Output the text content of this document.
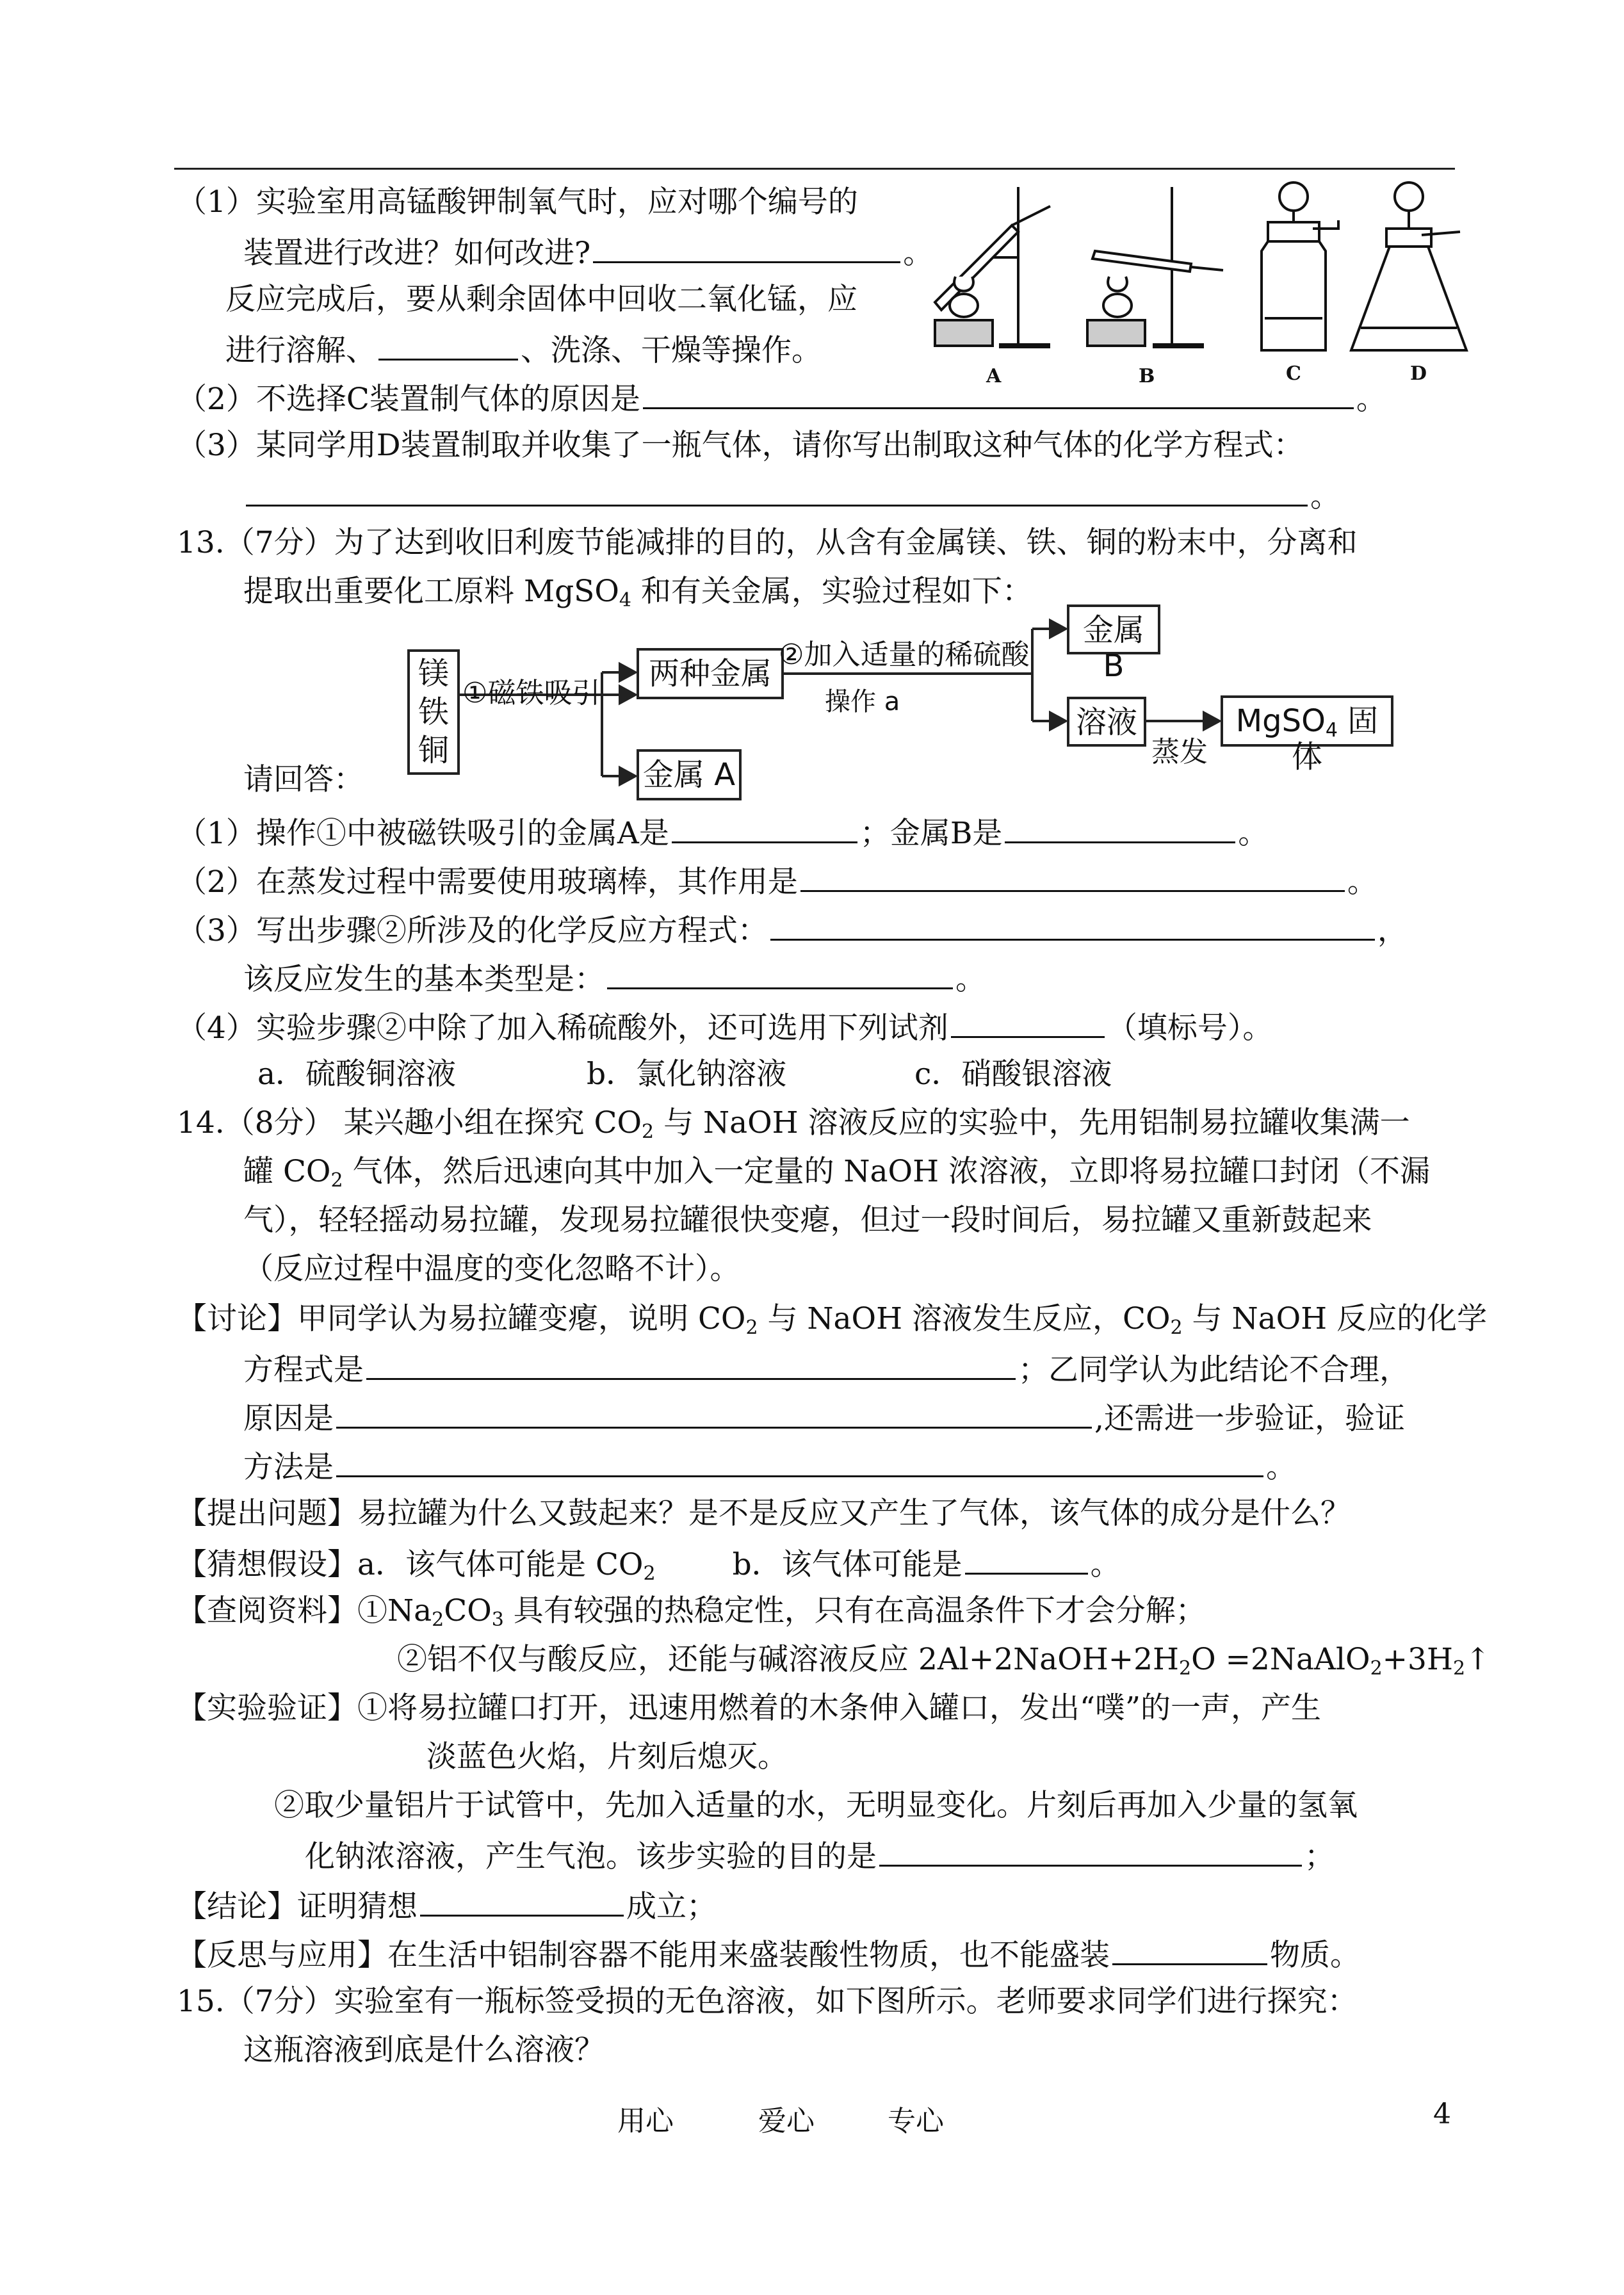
（1）实验室用高锰酸钾制氧气时，应对哪个编号的
装置进行改进？如何改进?	。
反应完成后，要从剩余固体中回收二氧化锰，应
进行溶解、	、洗涤、干燥等操作。
A	B	C	D
（2）不选择C装置制气体的原因是	。
（3）某同学用D装置制取并收集了一瓶气体，请你写出制取这种气体的化学方程式：
。
13.（7分）为了达到收旧利废节能减排的目的，从含有金属镁、铁、铜的粉末中，分离和
提取出重要化工原料 MgSO$_4$ 和有关金属，实验过程如下：
镁
铁
铜
①磁铁吸引
两种金属
②加入适量的稀硫酸
操作 a
金属 B
溶液
蒸发
MgSO$_4$ 固体
金属 A
请回答：
（1）操作①中被磁铁吸引的金属A是	；金属B是	。
（2）在蒸发过程中需要使用玻璃棒，其作用是	。
（3）写出步骤②所涉及的化学反应方程式：	，
该反应发生的基本类型是：	。
（4）实验步骤②中除了加入稀硫酸外，还可选用下列试剂	（填标号）。
a．硫酸铜溶液	b．氯化钠溶液	c．硝酸银溶液
14.（8分） 某兴趣小组在探究 $CO_2$ 与 NaOH 溶液反应的实验中，先用铝制易拉罐收集满一
罐 $CO_2$ 气体，然后迅速向其中加入一定量的 NaOH 浓溶液，立即将易拉罐口封闭（不漏
气），轻轻摇动易拉罐，发现易拉罐很快变瘪，但过一段时间后，易拉罐又重新鼓起来
（反应过程中温度的变化忽略不计）。
【讨论】甲同学认为易拉罐变瘪，说明 $CO_2$ 与 NaOH 溶液发生反应，$CO_2$ 与 NaOH 反应的化学
方程式是	；乙同学认为此结论不合理，
原因是	,还需进一步验证，验证
方法是	。
【提出问题】易拉罐为什么又鼓起来？是不是反应又产生了气体，该气体的成分是什么？
【猜想假设】a．该气体可能是 $CO_2$	b．该气体可能是	。
【查阅资料】$①Na_2CO_3$ 具有较强的热稳定性，只有在高温条件下才会分解；
②铝不仅与酸反应，还能与碱溶液反应 $2Al+2NaOH+2H_2O$ $=2NaAlO_2+3H_2↑$
【实验验证】①将易拉罐口打开，迅速用燃着的木条伸入罐口，发出“噗”的一声，产生
淡蓝色火焰，片刻后熄灭。
②取少量铝片于试管中，先加入适量的水，无明显变化。片刻后再加入少量的氢氧
化钠浓溶液，产生气泡。该步实验的目的是	；
【结论】证明猜想	成立；
【反思与应用】在生活中铝制容器不能用来盛装酸性物质，也不能盛装	物质。
15.（7分）实验室有一瓶标签受损的无色溶液，如下图所示。老师要求同学们进行探究：
这瓶溶液到底是什么溶液？
用心	爱心	专心	4
